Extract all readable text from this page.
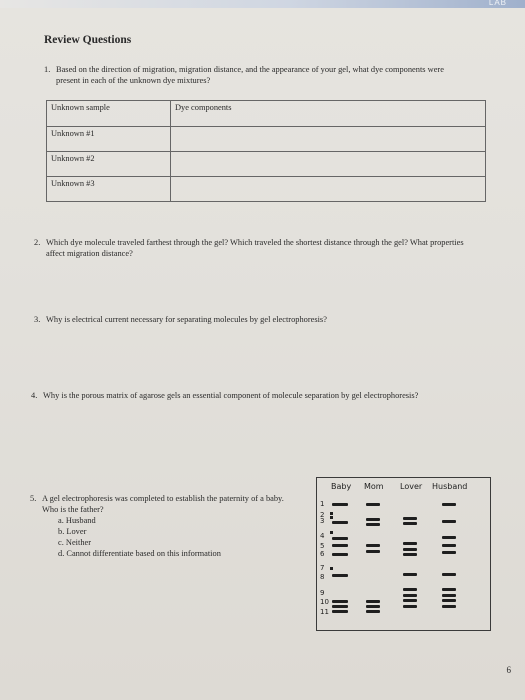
LAB
Review Questions
1. Based on the direction of migration, migration distance, and the appearance of your gel, what dye components were present in each of the unknown dye mixtures?
Unknown sample	Dye components
Unknown #1	
Unknown #2	
Unknown #3	
2. Which dye molecule traveled farthest through the gel? Which traveled the shortest distance through the gel? What properties affect migration distance?
3. Why is electrical current necessary for separating molecules by gel electrophoresis?
4. Why is the porous matrix of agarose gels an essential component of molecule separation by gel electrophoresis?
5. A gel electrophoresis was completed to establish the paternity of a baby. Who is the father?
a. Husband
b. Lover
c. Neither
d. Cannot differentiate based on this information
Baby Mom Lover Husband
1
2
3
4
5
6
7
8
9
10
11
6
